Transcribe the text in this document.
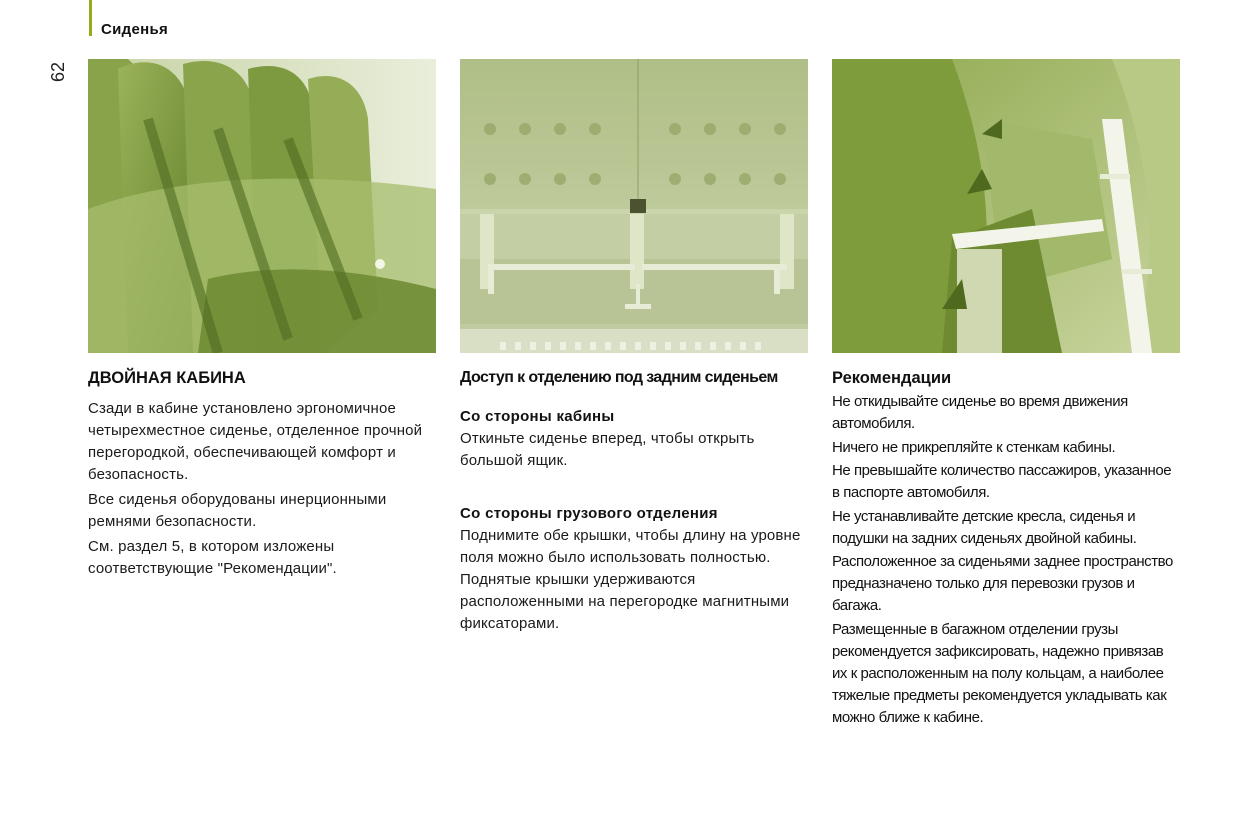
Сиденья
62
ДВОЙНАЯ КАБИНА

Сзади в кабине установлено эргономичное четырехместное сиденье, отделенное прочной перегородкой, обеспечивающей комфорт и безопасность.

Все сиденья оборудованы инерционными ремнями безопасности.

См. раздел 5, в котором изложены соответствующие "Рекомендации".

Доступ к отделению под задним сиденьем

Со стороны кабины

Откиньте сиденье вперед, чтобы открыть большой ящик.

Со стороны грузового отделения

Поднимите обе крышки, чтобы длину на уровне поля можно было использовать полностью. Поднятые крышки удерживаются расположенными на перегородке магнитными фиксаторами.

Рекомендации

Не откидывайте сиденье во время движения автомобиля.

Ничего не прикрепляйте к стенкам кабины.

Не превышайте количество пассажиров, указанное в паспорте автомобиля.

Не устанавливайте детские кресла, сиденья и подушки на задних сиденьях двойной кабины.

Расположенное за сиденьями заднее пространство предназначено только для перевозки грузов и багажа.

Размещенные в багажном отделении грузы рекомендуется зафиксировать, надежно привязав их к расположенным на полу кольцам, а наиболее тяжелые предметы рекомендуется укладывать как можно ближе к кабине.
